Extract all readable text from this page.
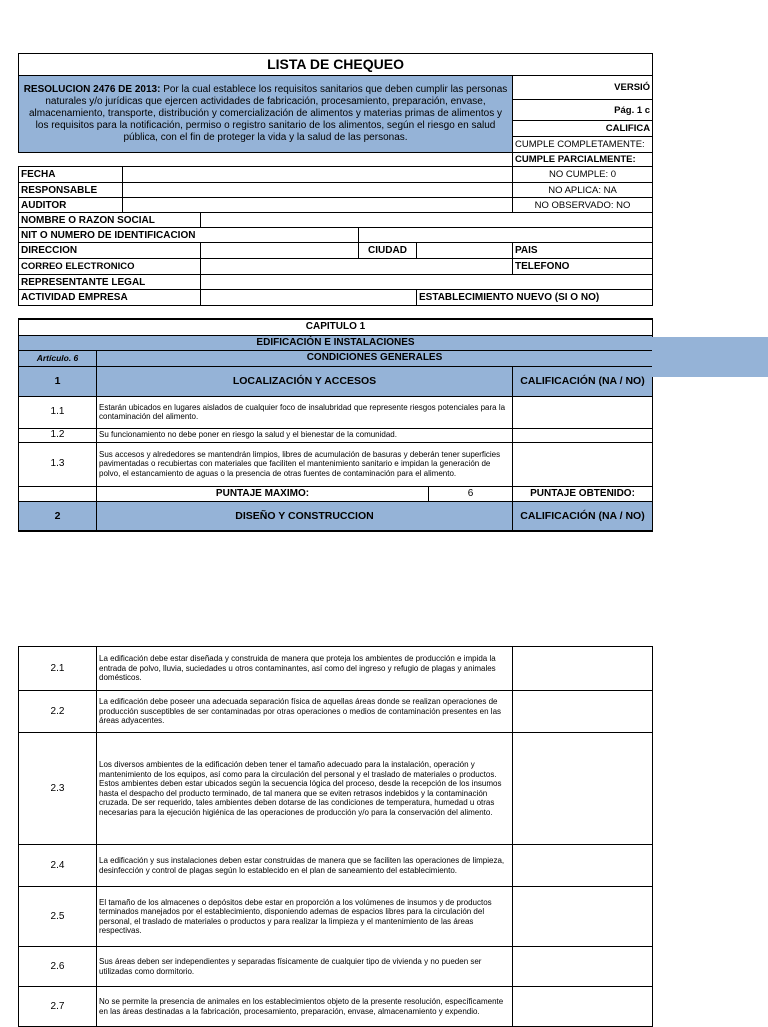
LISTA DE CHEQUEO					
RESOLUCION 2476 DE 2013: Por la cual establece los requisitos sanitarios que deben cumplir las personas naturales y/o jurídicas que ejercen actividades de fabricación, procesamiento, preparación, envase, almacenamiento, transporte, distribución y comercialización de alimentos y materias primas de alimentos y los requisitos para la notificación, permiso o registro sanitario de los alimentos, según el riesgo en salud pública, con el fin de proteger la vida y la salud de las personas.					VERSIÓ
					Pág. 1 c
					CALIFICA
					CUMPLE COMPLETAMENTE:
					CUMPLE PARCIALMENTE:
FECHA					NO CUMPLE: 0
RESPONSABLE					NO APLICA: NA
AUDITOR					NO OBSERVADO: NO
NOMBRE O RAZON SOCIAL					
NIT O NUMERO DE IDENTIFICACION					
DIRECCION			CIUDAD		PAIS
CORREO ELECTRONICO					TELEFONO
REPRESENTANTE LEGAL					
ACTIVIDAD EMPRESA				ESTABLECIMIENTO NUEVO (SI O NO)	
CAPITULO 1			
EDIFICACIÓN E INSTALACIONES			
Artículo. 6	CONDICIONES GENERALES		
1	LOCALIZACIÓN Y ACCESOS		CALIFICACIÓN (NA / NO)
1.1	Estarán ubicados en lugares aislados de cualquier foco de insalubridad que represente riesgos potenciales para la contaminación del alimento.		
1.2	Su funcionamiento no debe poner en riesgo la salud y el bienestar de la comunidad.		
1.3	Sus accesos y alrededores se mantendrán limpios, libres de acumulación de basuras y deberán tener superficies pavimentadas o recubiertas con materiales que faciliten el mantenimiento sanitario e impidan la generación de polvo, el estancamiento de aguas o la presencia de otras fuentes de contaminación para el alimento.		
	PUNTAJE MAXIMO:	6	PUNTAJE OBTENIDO:
2	DISEÑO Y CONSTRUCCION		CALIFICACIÓN (NA / NO)
2.1	La edificación debe estar diseñada y construida de manera que proteja los ambientes de producción e impida la entrada de polvo, lluvia, suciedades u otros contaminantes, así como del ingreso y refugio de plagas y animales domésticos.	
2.2	La edificación debe poseer una adecuada separación física de aquellas áreas donde se realizan operaciones de producción susceptibles de ser contaminadas por otras operaciones o medios de contaminación presentes en las áreas adyacentes.	
2.3	Los diversos ambientes de la edificación deben tener el tamaño adecuado para la instalación, operación y mantenimiento de los equipos, así como para la circulación del personal y el traslado de materiales o productos. Estos ambientes deben estar ubicados según la secuencia lógica del proceso, desde la recepción de los insumos hasta el despacho del producto terminado, de tal manera que se eviten retrasos indebidos y la contaminación cruzada. De ser requerido, tales ambientes deben dotarse de las condiciones de temperatura, humedad u otras necesarias para la ejecución higiénica de las operaciones de producción y/o para la conservación del alimento.	
2.4	La edificación y sus instalaciones deben estar construidas de manera que se faciliten las operaciones de limpieza, desinfección y control de plagas según lo establecido en el plan de saneamiento del establecimiento.	
2.5	El tamaño de los almacenes o depósitos debe estar en proporción a los volúmenes de insumos y de productos terminados manejados por el establecimiento, disponiendo ademas de espacios libres para la circulación del personal, el traslado de materiales o productos y para realizar la limpieza y el mantenimiento de las áreas respectivas.	
2.6	Sus áreas deben ser independientes y separadas físicamente de cualquier tipo de vivienda y no pueden ser utilizadas como dormitorio.	
2.7	No se permite la presencia de animales en los establecimientos objeto de la presente resolución, específicamente en las áreas destinadas a la fabricación, procesamiento, preparación, envase, almacenamiento y expendio.	
